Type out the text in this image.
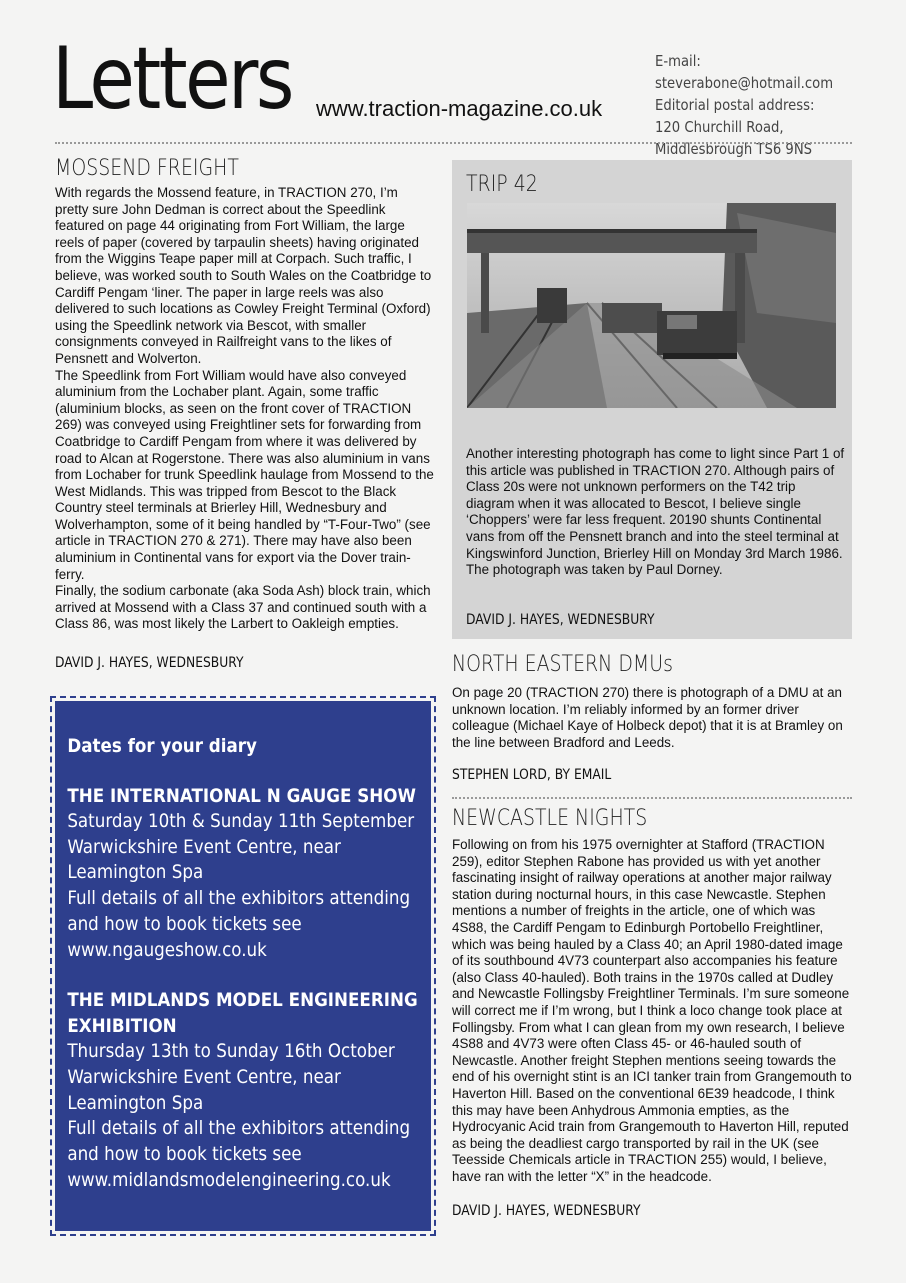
Letters www.traction-magazine.co.uk
E-mail: steverabone@hotmail.com
Editorial postal address:
120 Churchill Road,
Middlesbrough TS6 9NS
MOSSEND FREIGHT

With regards the Mossend feature, in TRACTION 270, I’m pretty sure John Dedman is correct about the Speedlink featured on page 44 originating from Fort William, the large reels of paper (covered by tarpaulin sheets) having originated from the Wiggins Teape paper mill at Corpach. Such traffic, I believe, was worked south to South Wales on the Coatbridge to Cardiff Pengam ‘liner. The paper in large reels was also delivered to such locations as Cowley Freight Terminal (Oxford) using the Speedlink network via Bescot, with smaller consignments conveyed in Railfreight vans to the likes of Pensnett and Wolverton.

The Speedlink from Fort William would have also conveyed aluminium from the Lochaber plant. Again, some traffic (aluminium blocks, as seen on the front cover of TRACTION 269) was conveyed using Freightliner sets for forwarding from Coatbridge to Cardiff Pengam from where it was delivered by road to Alcan at Rogerstone. There was also aluminium in vans from Lochaber for trunk Speedlink haulage from Mossend to the West Midlands. This was tripped from Bescot to the Black Country steel terminals at Brierley Hill, Wednesbury and Wolverhampton, some of it being handled by “T-Four-Two” (see article in TRACTION 270 & 271). There may have also been aluminium in Continental vans for export via the Dover train-ferry.

Finally, the sodium carbonate (aka Soda Ash) block train, which arrived at Mossend with a Class 37 and continued south with a Class 86, was most likely the Larbert to Oakleigh empties.

DAVID J. HAYES, WEDNESBURY
Dates for your diary
THE INTERNATIONAL N GAUGE SHOW
Saturday 10th & Sunday 11th September
Warwickshire Event Centre, near
Leamington Spa
Full details of all the exhibitors attending
and how to book tickets see
www.ngaugeshow.co.uk
THE MIDLANDS MODEL ENGINEERING
EXHIBITION
Thursday 13th to Sunday 16th October
Warwickshire Event Centre, near
Leamington Spa
Full details of all the exhibitors attending
and how to book tickets see
www.midlandsmodelengineering.co.uk
TRIP 42
Another interesting photograph has come to light since Part 1 of this article was published in TRACTION 270. Although pairs of Class 20s were not unknown performers on the T42 trip diagram when it was allocated to Bescot, I believe single ‘Choppers’ were far less frequent. 20190 shunts Continental vans from off the Pensnett branch and into the steel terminal at Kingswinford Junction, Brierley Hill on Monday 3rd March 1986. The photograph was taken by Paul Dorney.
DAVID J. HAYES, WEDNESBURY
NORTH EASTERN DMUs
On page 20 (TRACTION 270) there is photograph of a DMU at an unknown location. I’m reliably informed by an former driver colleague (Michael Kaye of Holbeck depot) that it is at Bramley on the line between Bradford and Leeds.
STEPHEN LORD, BY EMAIL
NEWCASTLE NIGHTS
Following on from his 1975 overnighter at Stafford (TRACTION 259), editor Stephen Rabone has provided us with yet another fascinating insight of railway operations at another major railway station during nocturnal hours, in this case Newcastle. Stephen mentions a number of freights in the article, one of which was 4S88, the Cardiff Pengam to Edinburgh Portobello Freightliner, which was being hauled by a Class 40; an April 1980-dated image of its southbound 4V73 counterpart also accompanies his feature (also Class 40-hauled). Both trains in the 1970s called at Dudley and Newcastle Follingsby Freightliner Terminals. I’m sure someone will correct me if I’m wrong, but I think a loco change took place at Follingsby. From what I can glean from my own research, I believe 4S88 and 4V73 were often Class 45- or 46-hauled south of Newcastle. Another freight Stephen mentions seeing towards the end of his overnight stint is an ICI tanker train from Grangemouth to Haverton Hill. Based on the conventional 6E39 headcode, I think this may have been Anhydrous Ammonia empties, as the Hydrocyanic Acid train from Grangemouth to Haverton Hill, reputed as being the deadliest cargo transported by rail in the UK (see Teesside Chemicals article in TRACTION 255) would, I believe, have ran with the letter “X” in the headcode.
DAVID J. HAYES, WEDNESBURY
